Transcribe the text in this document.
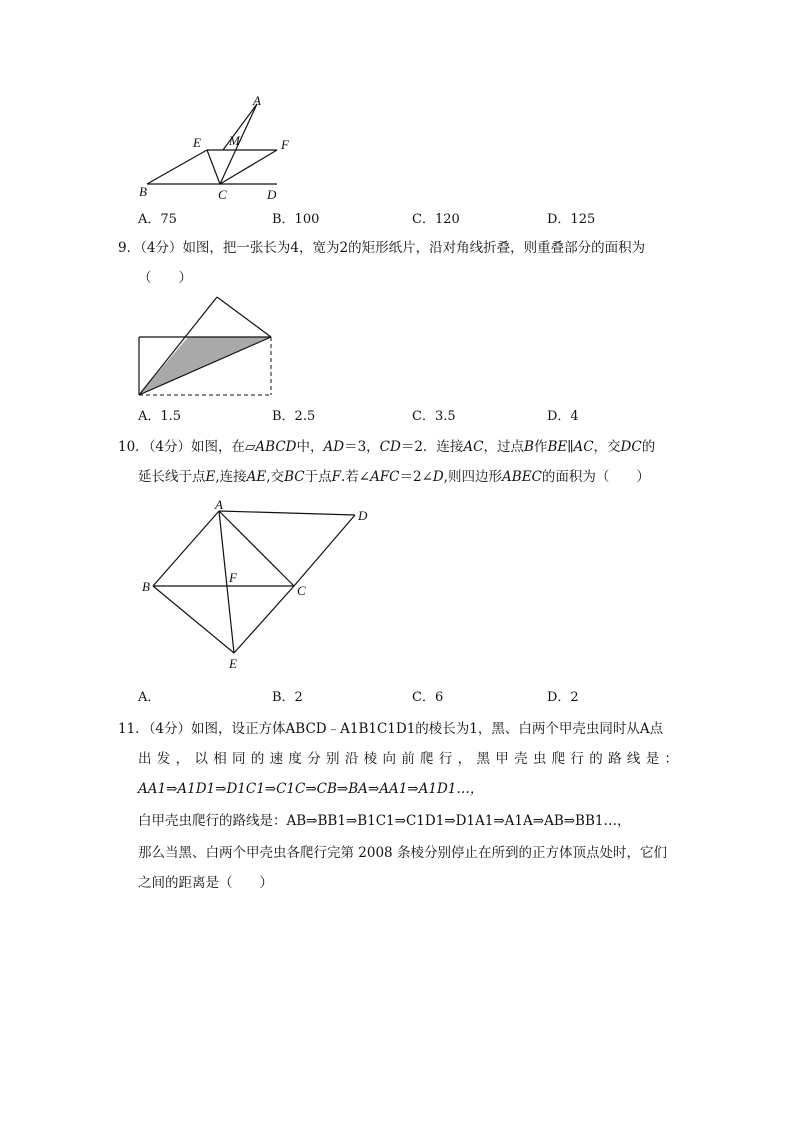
A
E M	F
B	C	D
A．75	B．100	C．120	D．125
9．（4分）如图，把一张长为4，宽为2的矩形纸片，沿对角线折叠，则重叠部分的面积为
（　　）
A．1.5	B．2.5	C．3.5	D．4
10．（4分）如图，在▱ABCD中，AD＝3，CD＝2．连接AC，过点B作BE∥AC，交DC的
延长线于点E,连接AE,交BC于点F.若∠AFC＝2∠D,则四边形ABEC的面积为（　　）
A
D
B
F
C
E
A．	B．2	C．6	D．2
11．（4分）如图，设正方体ABCD﹣A1B1C1D1的棱长为1，黑、白两个甲壳虫同时从A点
出发，以相同的速度分别沿棱向前爬行，黑甲壳虫爬行的路线是：
AA1⇒A1D1⇒D1C1⇒C1C⇒CB⇒BA⇒AA1⇒A1D1…，
白甲壳虫爬行的路线是：AB⇒BB1⇒B1C1⇒C1D1⇒D1A1⇒A1A⇒AB⇒BB1…，
那么当黑、白两个甲壳虫各爬行完第 2008 条棱分别停止在所到的正方体顶点处时，它们
之间的距离是（　　）
